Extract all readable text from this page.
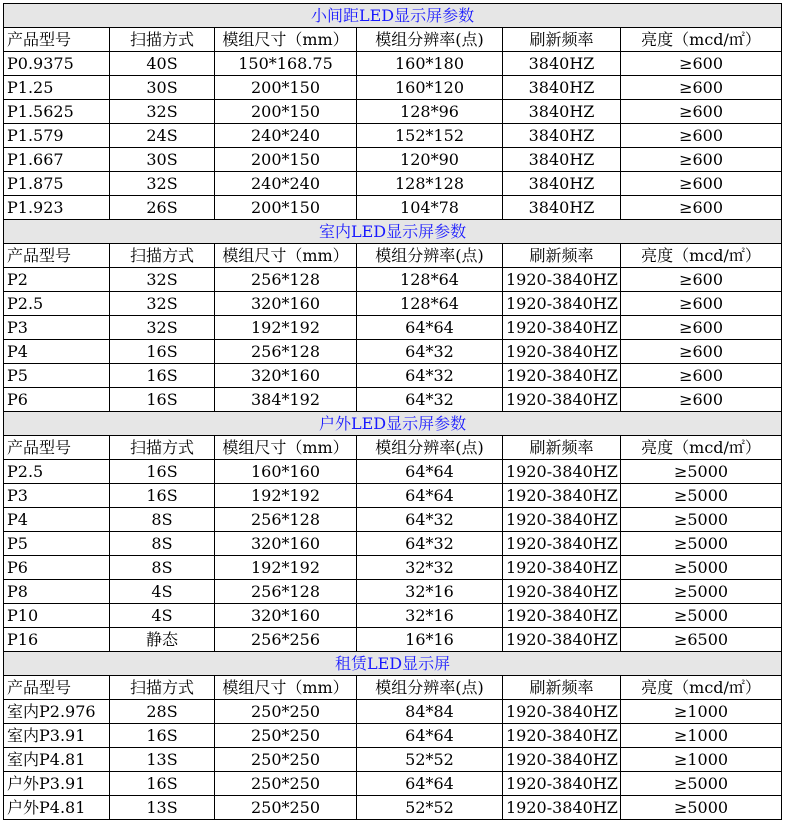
小间距LED显示屏参数					
产品型号	扫描方式	模组尺寸（mm）	模组分辨率(点)	刷新频率	亮度（mcd/㎡）
P0.9375	40S	150*168.75	160*180	3840HZ	≥600
P1.25	30S	200*150	160*120	3840HZ	≥600
P1.5625	32S	200*150	128*96	3840HZ	≥600
P1.579	24S	240*240	152*152	3840HZ	≥600
P1.667	30S	200*150	120*90	3840HZ	≥600
P1.875	32S	240*240	128*128	3840HZ	≥600
P1.923	26S	200*150	104*78	3840HZ	≥600
室内LED显示屏参数					
产品型号	扫描方式	模组尺寸（mm）	模组分辨率(点)	刷新频率	亮度（mcd/㎡）
P2	32S	256*128	128*64	1920-3840HZ	≥600
P2.5	32S	320*160	128*64	1920-3840HZ	≥600
P3	32S	192*192	64*64	1920-3840HZ	≥600
P4	16S	256*128	64*32	1920-3840HZ	≥600
P5	16S	320*160	64*32	1920-3840HZ	≥600
P6	16S	384*192	64*32	1920-3840HZ	≥600
户外LED显示屏参数					
产品型号	扫描方式	模组尺寸（mm）	模组分辨率(点)	刷新频率	亮度（mcd/㎡）
P2.5	16S	160*160	64*64	1920-3840HZ	≥5000
P3	16S	192*192	64*64	1920-3840HZ	≥5000
P4	8S	256*128	64*32	1920-3840HZ	≥5000
P5	8S	320*160	64*32	1920-3840HZ	≥5000
P6	8S	192*192	32*32	1920-3840HZ	≥5000
P8	4S	256*128	32*16	1920-3840HZ	≥5000
P10	4S	320*160	32*16	1920-3840HZ	≥5000
P16	静态	256*256	16*16	1920-3840HZ	≥6500
租赁LED显示屏					
产品型号	扫描方式	模组尺寸（mm）	模组分辨率(点)	刷新频率	亮度（mcd/㎡）
室内P2.976	28S	250*250	84*84	1920-3840HZ	≥1000
室内P3.91	16S	250*250	64*64	1920-3840HZ	≥1000
室内P4.81	13S	250*250	52*52	1920-3840HZ	≥1000
户外P3.91	16S	250*250	64*64	1920-3840HZ	≥5000
户外P4.81	13S	250*250	52*52	1920-3840HZ	≥5000
